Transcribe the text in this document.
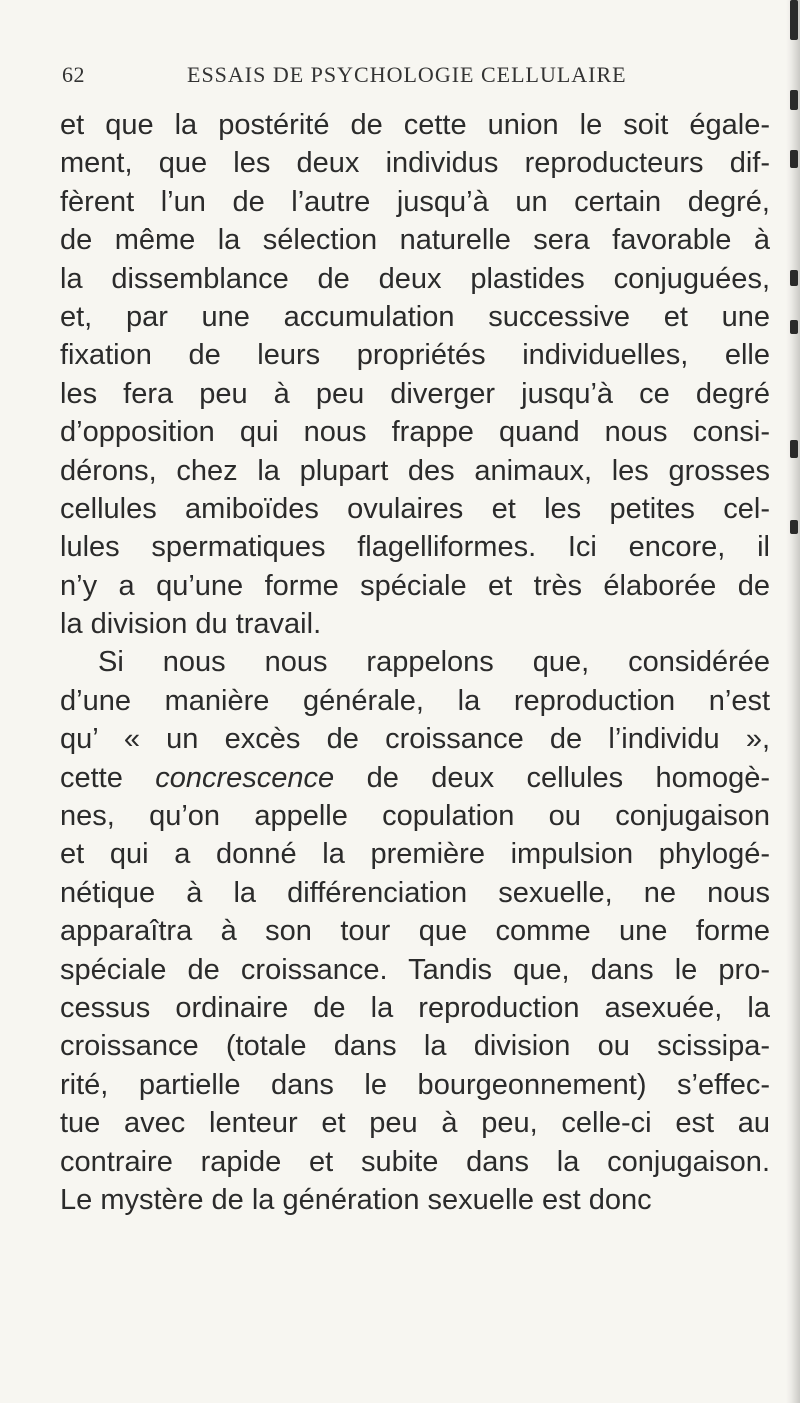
62	ESSAIS DE PSYCHOLOGIE CELLULAIRE
et que la postérité de cette union le soit égale-
ment, que les deux individus reproducteurs dif-
fèrent l’un de l’autre jusqu’à un certain degré,
de même la sélection naturelle sera favorable à
la dissemblance de deux plastides conjuguées,
et, par une accumulation successive et une
fixation de leurs propriétés individuelles, elle
les fera peu à peu diverger jusqu’à ce degré
d’opposition qui nous frappe quand nous consi-
dérons, chez la plupart des animaux, les grosses
cellules amiboïdes ovulaires et les petites cel-
lules spermatiques flagelliformes. Ici encore, il
n’y a qu’une forme spéciale et très élaborée de
la division du travail.
Si nous nous rappelons que, considérée
d’une manière générale, la reproduction n’est
qu’ « un excès de croissance de l’individu »,
cette concrescence de deux cellules homogè-
nes, qu’on appelle copulation ou conjugaison
et qui a donné la première impulsion phylogé-
nétique à la différenciation sexuelle, ne nous
apparaîtra à son tour que comme une forme
spéciale de croissance. Tandis que, dans le pro-
cessus ordinaire de la reproduction asexuée, la
croissance (totale dans la division ou scissipa-
rité, partielle dans le bourgeonnement) s’effec-
tue avec lenteur et peu à peu, celle-ci est au
contraire rapide et subite dans la conjugaison.
Le mystère de la génération sexuelle est donc
